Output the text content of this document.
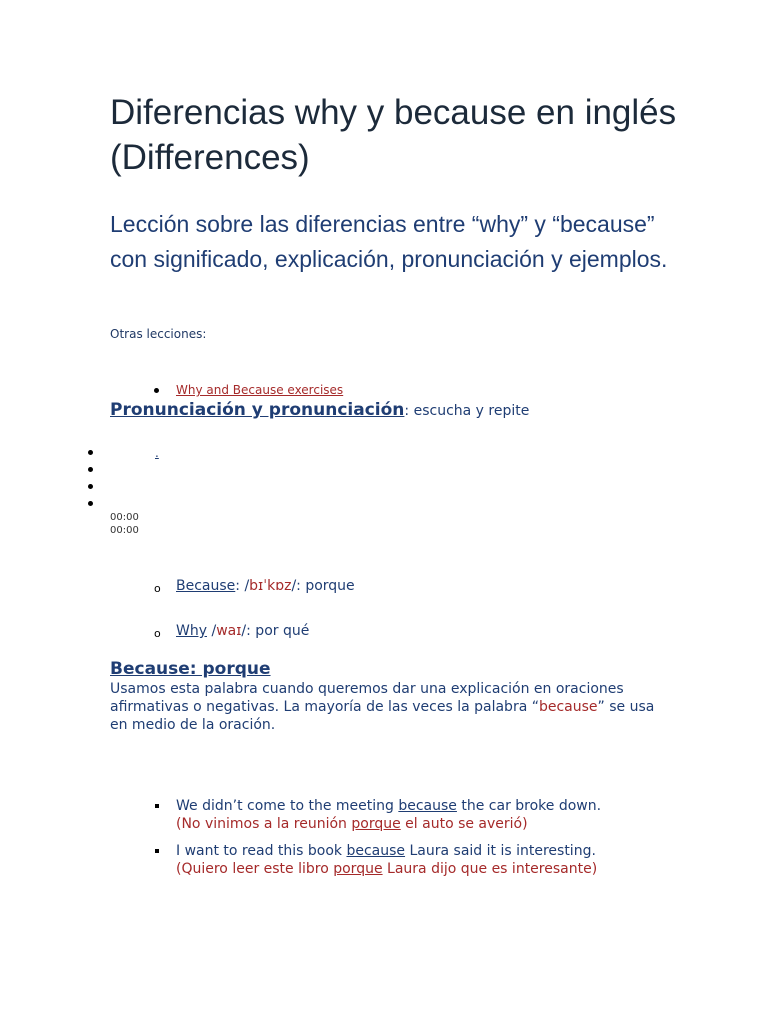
Diferencias why y because en inglés (Differences)

Lección sobre las diferencias entre “why” y “because” con significado, explicación, pronunciación y ejemplos.

Otras lecciones:
Why and Because exercises
Pronunciación y pronunciación: escucha y repite
.
00:00
00:00
o Because: /bɪˈkɒz/: porque
o Why /waɪ/: por qué
Because: porque

Usamos esta palabra cuando queremos dar una explicación en oraciones afirmativas o negativas. La mayoría de las veces la palabra “because” se usa en medio de la oración.

We didn’t come to the meeting because the car broke down.
(No vinimos a la reunión porque el auto se averió)
I want to read this book because Laura said it is interesting.
(Quiero leer este libro porque Laura dijo que es interesante)
